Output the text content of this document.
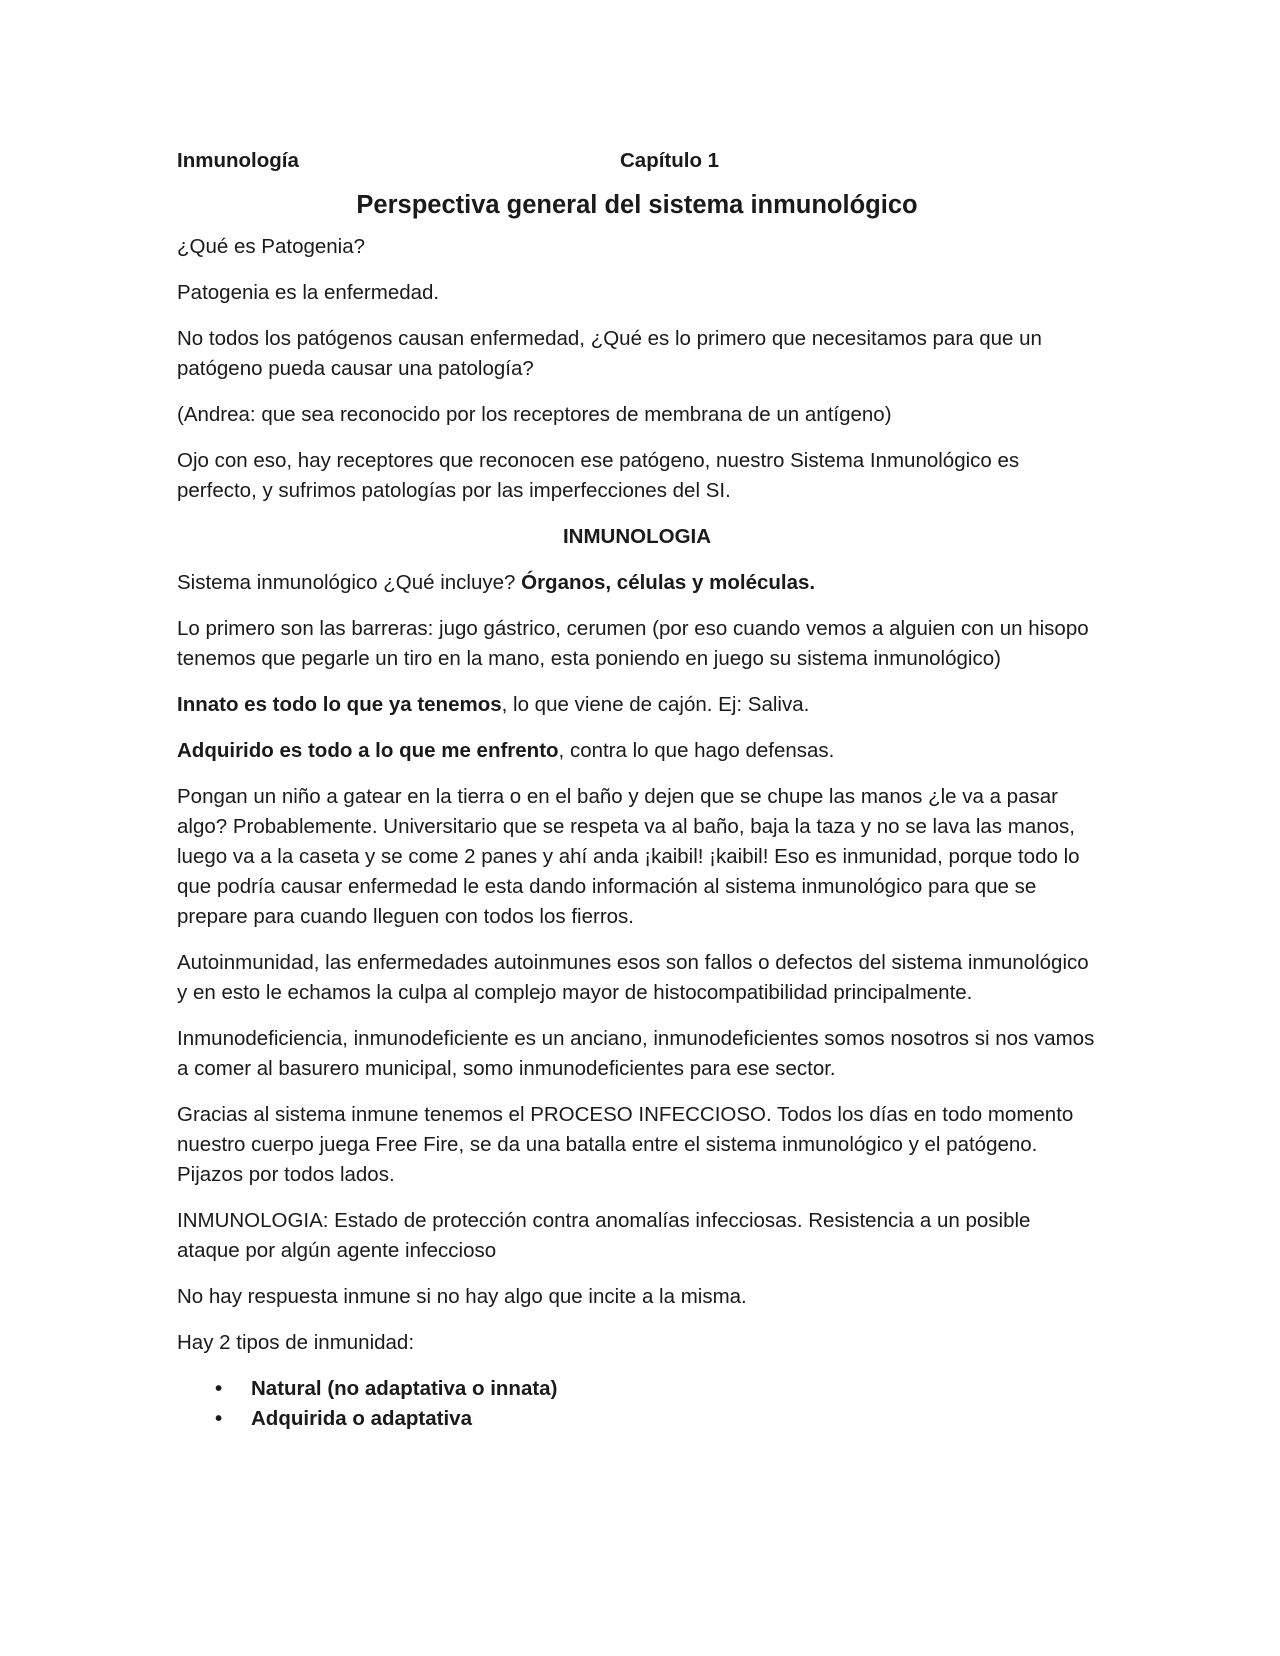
Inmunología	Capítulo 1
Perspectiva general del sistema inmunológico

¿Qué es Patogenia?

Patogenia es la enfermedad.

No todos los patógenos causan enfermedad, ¿Qué es lo primero que necesitamos para que un patógeno pueda causar una patología?

(Andrea: que sea reconocido por los receptores de membrana de un antígeno)

Ojo con eso, hay receptores que reconocen ese patógeno, nuestro Sistema Inmunológico es perfecto, y sufrimos patologías por las imperfecciones del SI.

INMUNOLOGIA

Sistema inmunológico ¿Qué incluye? Órganos, células y moléculas.

Lo primero son las barreras: jugo gástrico, cerumen (por eso cuando vemos a alguien con un hisopo tenemos que pegarle un tiro en la mano, esta poniendo en juego su sistema inmunológico)

Innato es todo lo que ya tenemos, lo que viene de cajón. Ej: Saliva.

Adquirido es todo a lo que me enfrento, contra lo que hago defensas.

Pongan un niño a gatear en la tierra o en el baño y dejen que se chupe las manos ¿le va a pasar algo? Probablemente. Universitario que se respeta va al baño, baja la taza y no se lava las manos, luego va a la caseta y se come 2 panes y ahí anda ¡kaibil! ¡kaibil! Eso es inmunidad, porque todo lo que podría causar enfermedad le esta dando información al sistema inmunológico para que se prepare para cuando lleguen con todos los fierros.

Autoinmunidad, las enfermedades autoinmunes esos son fallos o defectos del sistema inmunológico y en esto le echamos la culpa al complejo mayor de histocompatibilidad principalmente.

Inmunodeficiencia, inmunodeficiente es un anciano, inmunodeficientes somos nosotros si nos vamos a comer al basurero municipal, somo inmunodeficientes para ese sector.

Gracias al sistema inmune tenemos el PROCESO INFECCIOSO. Todos los días en todo momento nuestro cuerpo juega Free Fire, se da una batalla entre el sistema inmunológico y el patógeno. Pijazos por todos lados.

INMUNOLOGIA: Estado de protección contra anomalías infecciosas. Resistencia a un posible ataque por algún agente infeccioso

No hay respuesta inmune si no hay algo que incite a la misma.

Hay 2 tipos de inmunidad:

• Natural (no adaptativa o innata)
• Adquirida o adaptativa
